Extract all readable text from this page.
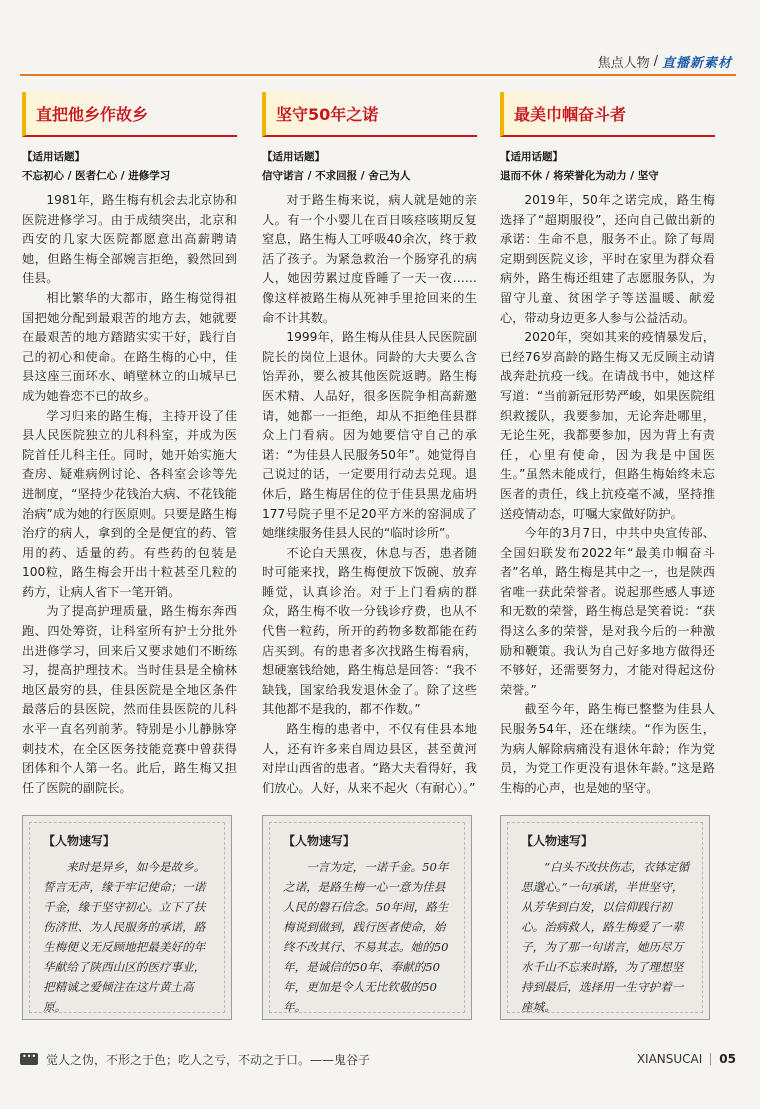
焦点人物 / 直播新素材
直把他乡作故乡
【适用话题】
不忘初心 / 医者仁心 / 进修学习

1981年，路生梅有机会去北京协和医院进修学习。由于成绩突出，北京和西安的几家大医院都愿意出高薪聘请她，但路生梅全部婉言拒绝，毅然回到佳县。

相比繁华的大都市，路生梅觉得祖国把她分配到最艰苦的地方去，她就要在最艰苦的地方踏踏实实干好，践行自己的初心和使命。在路生梅的心中，佳县这座三面环水、峭壁林立的山城早已成为她眷恋不已的故乡。

学习归来的路生梅，主持开设了佳县人民医院独立的儿科科室，并成为医院首任儿科主任。同时，她开始实施大查房、疑难病例讨论、各科室会诊等先进制度，“坚持少花钱治大病、不花钱能治病”成为她的行医原则。只要是路生梅治疗的病人，拿到的全是便宜的药、管用的药、适量的药。有些药的包装是100粒，路生梅会开出十粒甚至几粒的药方，让病人省下一笔开销。

为了提高护理质量，路生梅东奔西跑、四处筹资，让科室所有护士分批外出进修学习，回来后又要求她们不断练习，提高护理技术。当时佳县是全榆林地区最穷的县，佳县医院是全地区条件最落后的县医院，然而佳县医院的儿科水平一直名列前茅。特别是小儿静脉穿刺技术，在全区医务技能竞赛中曾获得团体和个人第一名。此后，路生梅又担任了医院的副院长。

坚守50年之诺
【适用话题】
信守诺言 / 不求回报 / 舍己为人

对于路生梅来说，病人就是她的亲人。有一个小婴儿在百日咳痉咳期反复窒息，路生梅人工呼吸40余次，终于救活了孩子。为紧急救治一个肠穿孔的病人，她因劳累过度昏睡了一天一夜……像这样被路生梅从死神手里抢回来的生命不计其数。

1999年，路生梅从佳县人民医院副院长的岗位上退休。同龄的大夫要么含饴弄孙，要么被其他医院返聘。路生梅医术精、人品好，很多医院争相高薪邀请，她都一一拒绝，却从不拒绝佳县群众上门看病。因为她要信守自己的承诺：“为佳县人民服务50年”。她觉得自己说过的话，一定要用行动去兑现。退休后，路生梅居住的位于佳县黑龙庙坍177号院子里不足20平方米的窑洞成了她继续服务佳县人民的“临时诊所”。

不论白天黑夜，休息与否，患者随时可能来找，路生梅便放下饭碗、放弃睡觉，认真诊治。对于上门看病的群众，路生梅不收一分钱诊疗费，也从不代售一粒药，所开的药物多数都能在药店买到。有的患者多次找路生梅看病，想硬塞钱给她，路生梅总是回答：“我不缺钱，国家给我发退休金了。除了这些其他都不是我的，都不作数。”

路生梅的患者中，不仅有佳县本地人，还有许多来自周边县区，甚至黄河对岸山西省的患者。“路大夫看得好，我们放心。人好，从来不起火（有耐心）。”

最美巾帼奋斗者
【适用话题】
退而不休 / 将荣誉化为动力 / 坚守

2019年，50年之诺完成，路生梅选择了“超期服役”，还向自己做出新的承诺：生命不息，服务不止。除了每周定期到医院义诊，平时在家里为群众看病外，路生梅还组建了志愿服务队，为留守儿童、贫困学子等送温暖、献爱心，带动身边更多人参与公益活动。

2020年，突如其来的疫情暴发后，已经76岁高龄的路生梅又无反顾主动请战奔赴抗疫一线。在请战书中，她这样写道：“当前新冠形势严峻，如果医院组织救援队，我要参加，无论奔赴哪里，无论生死，我都要参加，因为背上有责任，心里有使命，因为我是中国医生。”虽然未能成行，但路生梅始终未忘医者的责任，线上抗疫毫不减，坚持推送疫情动态，叮嘱大家做好防护。

今年的3月7日，中共中央宣传部、全国妇联发布2022年“最美巾帼奋斗者”名单，路生梅是其中之一，也是陕西省唯一获此荣誉者。说起那些感人事迹和无数的荣誉，路生梅总是笑着说：“获得这么多的荣誉，是对我今后的一种激励和鞭策。我认为自己好多地方做得还不够好，还需要努力，才能对得起这份荣誉。”

截至今年，路生梅已整整为佳县人民服务54年，还在继续。“作为医生，为病人解除病痛没有退休年龄；作为党员，为党工作更没有退休年龄。”这是路生梅的心声，也是她的坚守。

【人物速写】
来时是异乡，如今是故乡。誓言无声，缘于牢记使命；一诺千金，缘于坚守初心。立下了扶伤济世、为人民服务的承诺，路生梅便义无反顾地把最美好的年华献给了陕西山区的医疗事业，把精诚之爱倾注在这片黄土高原。
【人物速写】
一言为定，一诺千金。50年之诺，是路生梅一心一意为佳县人民的磐石信念。50年间，路生梅说到做到，践行医者使命，始终不改其行、不易其志。她的50年，是诚信的50年、奉献的50年，更加是令人无比钦敬的50年。
【人物速写】
“白头不改扶伤志，衣钵定循思邈心。”一句承诺，半世坚守，从芳华到白发，以信仰践行初心。治病救人，路生梅爱了一辈子，为了那一句诺言，她历尽万水千山不忘来时路，为了理想坚持到最后，选择用一生守护着一座城。
•••
觉人之伪，不形之于色；吃人之亏，不动之于口。——鬼谷子	XIANSUCAI 05
